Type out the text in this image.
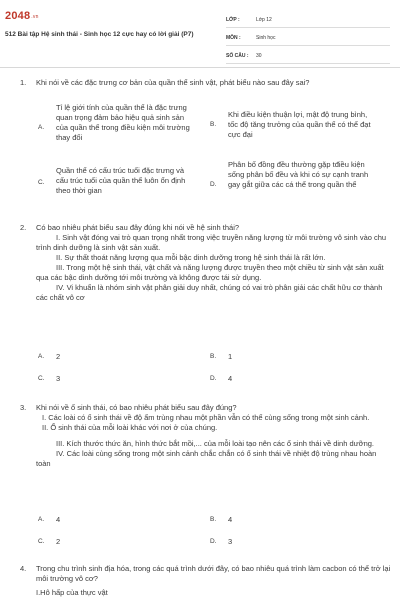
2048.vn
512 Bài tập Hệ sinh thái - Sinh học 12 cực hay có lời giải (P7)
LỚP :	Lớp 12
MÔN :	Sinh học
SỐ CÂU : 30
1. Khi nói về các đặc trưng cơ bản của quần thể sinh vật, phát biểu nào sau đây sai?
A.
Tỉ lệ giới tính của quần thể là đặc trưng quan trọng đảm bảo hiệu quả sinh sản của quần thể trong điều kiện môi trường thay đổi
B.
Khi điều kiện thuận lợi, mật độ trung bình, tốc độ tăng trưởng của quần thể có thể đạt cực đại
C.
Quần thể có cấu trúc tuổi đặc trưng và cấu trúc tuổi của quần thể luôn ổn định theo thời gian
D.
Phân bố đồng đều thường gặp tđiều kiện sống phân bố đều và khi có sự cạnh tranh gay gắt giữa các cá thể trong quần thể
2. Có bao nhiêu phát biểu sau đây đúng khi nói về hệ sinh thái?
I. Sinh vật đóng vai trò quan trọng nhất trong việc truyền năng lượng từ môi trường vô sinh vào chu trình dinh dưỡng là sinh vật sản xuất.
II. Sự thất thoát năng lượng qua mỗi bậc dinh dưỡng trong hệ sinh thái là rất lớn.
III. Trong một hệ sinh thái, vật chất và năng lượng được truyền theo một chiều từ sinh vật sản xuất qua các bậc dinh dưỡng tới môi trường và không được tái sử dụng.
IV. Vi khuẩn là nhóm sinh vật phân giải duy nhất, chúng có vai trò phân giải các chất hữu cơ thành các chất vô cơ
A. 2	B. 1
C. 3	D. 4
3. Khi nói về ổ sinh thái, có bao nhiêu phát biểu sau đây đúng?
I. Các loài có ổ sinh thái về độ ẩm trùng nhau một phần vẫn có thể cùng sống trong một sinh cảnh.
II. Ổ sinh thái của mỗi loài khác với nơi ở của chúng.
III. Kích thước thức ăn, hình thức bắt mồi,... của mỗi loài tạo nên các ổ sinh thái về dinh dưỡng.
IV. Các loài cùng sống trong một sinh cảnh chắc chắn có ổ sinh thái về nhiệt độ trùng nhau hoàn toàn
A. 4	B. 4
C. 2	D. 3
4. Trong chu trình sinh địa hóa, trong các quá trình dưới đây, có bao nhiêu quá trình làm cacbon có thể trở lại môi trường vô cơ?
I.Hô hấp của thực vật
